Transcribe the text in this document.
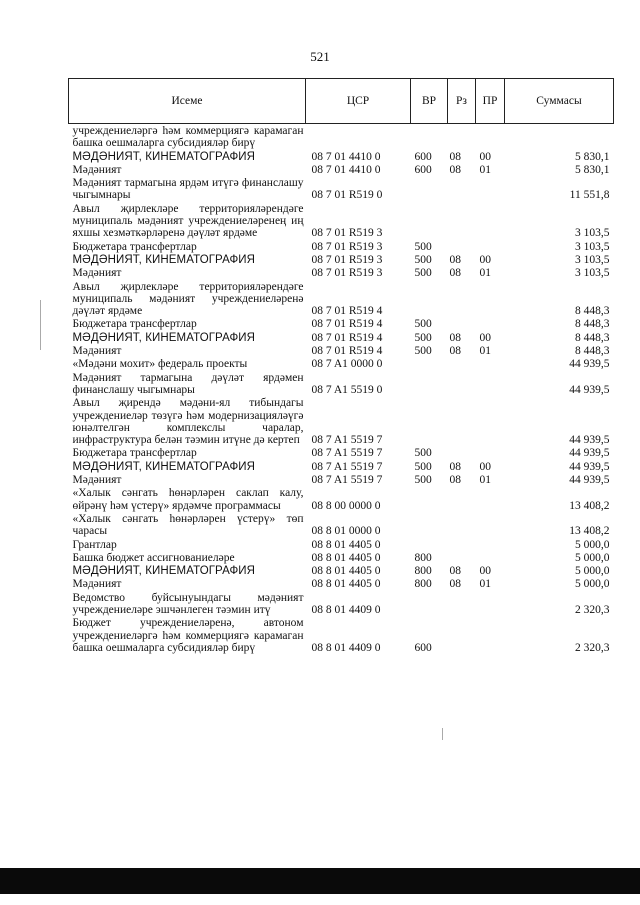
521
Исеме	ЦСР	ВР	Рз	ПР	Суммасы
учреждениеләргә һәм коммерциягә карамаган башка оешмаларга субсидияләр бирү					
МӘДӘНИЯТ, КИНЕМАТОГРАФИЯ	08 7 01 4410 0	600	08	00	5 830,1
Мәдәният	08 7 01 4410 0	600	08	01	5 830,1
Мәдәният тармагына ярдәм итүгә финанслашу чыгымнары	08 7 01 R519 0				11 551,8
Авыл җирлекләре территорияләрендәге муниципаль мәдәният учреждениеләренең иң яхшы хезмәткәрләренә дәүләт ярдәме	08 7 01 R519 3				3 103,5
Бюджетара трансфертлар	08 7 01 R519 3	500			3 103,5
МӘДӘНИЯТ, КИНЕМАТОГРАФИЯ	08 7 01 R519 3	500	08	00	3 103,5
Мәдәният	08 7 01 R519 3	500	08	01	3 103,5
Авыл җирлекләре территорияләрендәге муниципаль мәдәният учреждениеләренә дәүләт ярдәме	08 7 01 R519 4				8 448,3
Бюджетара трансфертлар	08 7 01 R519 4	500			8 448,3
МӘДӘНИЯТ, КИНЕМАТОГРАФИЯ	08 7 01 R519 4	500	08	00	8 448,3
Мәдәният	08 7 01 R519 4	500	08	01	8 448,3
«Мәдәни мохит» федераль проекты	08 7 A1 0000 0				44 939,5
Мәдәният тармагына дәүләт ярдәмен финанслашу чыгымнары	08 7 A1 5519 0				44 939,5
Авыл җирендә мәдәни-ял тибындагы учреждениеләр төзүгә һәм модернизацияләүгә юнәлтелгән комплекслы чаралар, инфраструктура белән тәэмин итүне дә кертеп	08 7 A1 5519 7				44 939,5
Бюджетара трансфертлар	08 7 A1 5519 7	500			44 939,5
МӘДӘНИЯТ, КИНЕМАТОГРАФИЯ	08 7 A1 5519 7	500	08	00	44 939,5
Мәдәният	08 7 A1 5519 7	500	08	01	44 939,5
«Халык сәнгать һөнәрләрен саклап калу, өйрәнү һәм үстерү» ярдәмче программасы	08 8 00 0000 0				13 408,2
«Халык сәнгать һөнәрләрен үстерү» төп чарасы	08 8 01 0000 0				13 408,2
Грантлар	08 8 01 4405 0				5 000,0
Башка бюджет ассигнованиеләре	08 8 01 4405 0	800			5 000,0
МӘДӘНИЯТ, КИНЕМАТОГРАФИЯ	08 8 01 4405 0	800	08	00	5 000,0
Мәдәният	08 8 01 4405 0	800	08	01	5 000,0
Ведомство буйсынуындагы мәдәният учреждениеләре эшчәнлеген тәэмин итү	08 8 01 4409 0				2 320,3
Бюджет учреждениеләренә, автоном учреждениеләргә һәм коммерциягә карамаган башка оешмаларга субсидияләр бирү	08 8 01 4409 0	600			2 320,3
